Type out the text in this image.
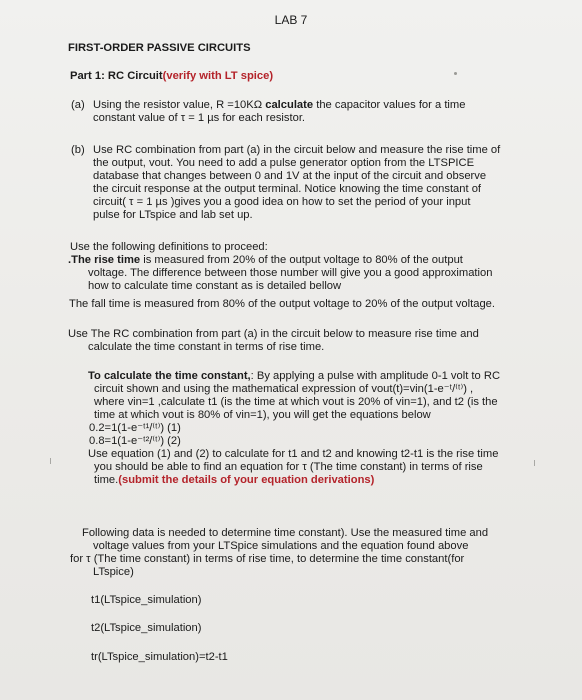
LAB 7
FIRST-ORDER PASSIVE CIRCUITS
Part 1: RC Circuit(verify with LT spice)
(a) Using the resistor value, R =10KΩ calculate the capacitor values for a time
constant value of τ = 1 µs for each resistor.
(b) Use RC combination from part (a) in the circuit below and measure the rise time of
the output, vout. You need to add a pulse generator option from the LTSPICE
database that changes between 0 and 1V at the input of the circuit and observe
the circuit response at the output terminal. Notice knowing the time constant of
circuit( τ = 1 µs )gives you a good idea on how to set the period of your input
pulse for LTspice and lab set up.
Use the following definitions to proceed:
.The rise time is measured from 20% of the output voltage to 80% of the output
voltage. The difference between those number will give you a good approximation
how to calculate time constant as is detailed bellow
The fall time is measured from 80% of the output voltage to 20% of the output voltage.
Use The RC combination from part (a) in the circuit below to measure rise time and
calculate the time constant in terms of rise time.
To calculate the time constant,: By applying a pulse with amplitude 0-1 volt to RC
circuit shown and using the mathematical expression of vout(t)=vin(1-e⁻ᵗ/⁽ᵗ⁾) ,
where vin=1 ,calculate t1 (is the time at which vout is 20% of vin=1), and t2 (is the
time at which vout is 80% of vin=1), you will get the equations below
0.2=1(1-e⁻ᵗ¹/⁽ᵗ⁾) (1)
0.8=1(1-e⁻ᵗ²/⁽ᵗ⁾) (2)
Use equation (1) and (2) to calculate for t1 and t2 and knowing t2-t1 is the rise time
you should be able to find an equation for τ (The time constant) in terms of rise
time.(submit the details of your equation derivations)
Following data is needed to determine time constant). Use the measured time and
voltage values from your LTSpice simulations and the equation found above
for τ (The time constant) in terms of rise time, to determine the time constant(for
LTspice)
t1(LTspice_simulation)
t2(LTspice_simulation)
tr(LTspice_simulation)=t2-t1
